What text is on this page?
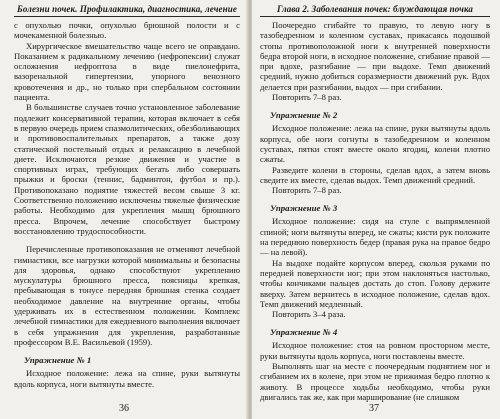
Болезни почек. Профилактика, диагностика, лечение

с опухолью почки, опухолью брюшной полости и с мочекаменной болезнью.

Хирургическое вмешательство чаще всего не оправдано. Показанием к радикальному лечению (нефропексии) служат осложнения нефроптоза в виде пиелонефрита, вазоренальной гипертензии, упорного венозного кровотечения и др., но только при спербальном состоянии пациента.

В большинстве случаев точно установленное заболевание подлежит консервативной терапии, которая включает в себя в первую очередь прием спазмолитических, обезболивающих и противовоспалительных препаратов, а также дозу статической постельный отдых и релаксацию в лечебной диете. Исключаются резкие движения и участие в спортивных играх, требующих бегать либо совершать прыжки и броски (теннис, бадминтон, футбол и пр.). Противопоказано поднятие тяжестей весом свыше 3 кг. Соответственно положению исключены тяжелые физические работы. Необходимо для укрепления мышц брюшного пресса. Впрочем, лечение способствует быстрому восстановлению трудоспособности.

Перечисленные противопоказания не отменяют лечебной гимнастики, все нагрузки которой минимальны и безопасны для здоровья, однако способствуют укреплению мускулатуры брюшного пресса, поясницы крепкая, пребывающая в тонусе передняя брюшная стенка создает необходимое давление на внутренние органы, чтобы удерживать их в естественном положении. Комплекс лечебной гимнастики для ежедневного выполнения включает в себя упражнения для укрепления, разработанные профессором В.Е. Васильевой (1959).

Упражнение № 1

Исходное положение: лежа на спине, руки вытянуты вдоль корпуса, ноги вытянуты вместе.

36
Глава 2. Заболевания почек: блуждающая почка

Поочередно сгибайте то правую, то левую ногу в тазобедренном и коленном суставах, прикасаясь подошвой стопы противоположной ноги к внутренней поверхности бедра второй ноги, в исходное положение, сгибание правой — при вдохе, разгибание — при выдохе. Темп движений средний, нужно добиться соразмерности движений рук. Вдох делается при разгибании, выдох — при сгибании.

Повторить 7–8 раз.

Упражнение № 2

Исходное положение: лежа на спине, руки вытянуты вдоль корпуса, обе ноги согнуты в тазобедренном и коленном суставах, пятки стоят вместе около ягодиц, колени плотно сжаты.

Разведите колени в стороны, сделав вдох, а затем вновь сведите их вместе, сделав выдох. Темп движений средний.

Повторить 7–8 раз.

Упражнение № 3

Исходное положение: сидя на стуле с выпрямленной спиной; ноги вытянуты вперед, не сжаты; кисти рук положите на переднюю поверхность бедер (правая рука на правое бедро — на левой).

На выдохе подайте корпусом вперед, скользя руками по передней поверхности ног; при этом наклоняться настолько, чтобы кончиками пальцев достать до стоп. Голову держите вверху. Затем вернитесь в исходное положение, сделав вдох. Темп движений медленный.

Повторить 3–4 раза.

Упражнение № 4

Исходное положение: стоя на ровном просторном месте, руки вытянуты вдоль корпуса, ноги поставлены вместе.

Выполнять шаг на месте с поочередным поднятием ног и сгибанием их в колене, при этом не прижимая бедро плотно к животу. В процессе ходьбы необходимо, чтобы руки двигались так же, как при марширование (не слишком

37
